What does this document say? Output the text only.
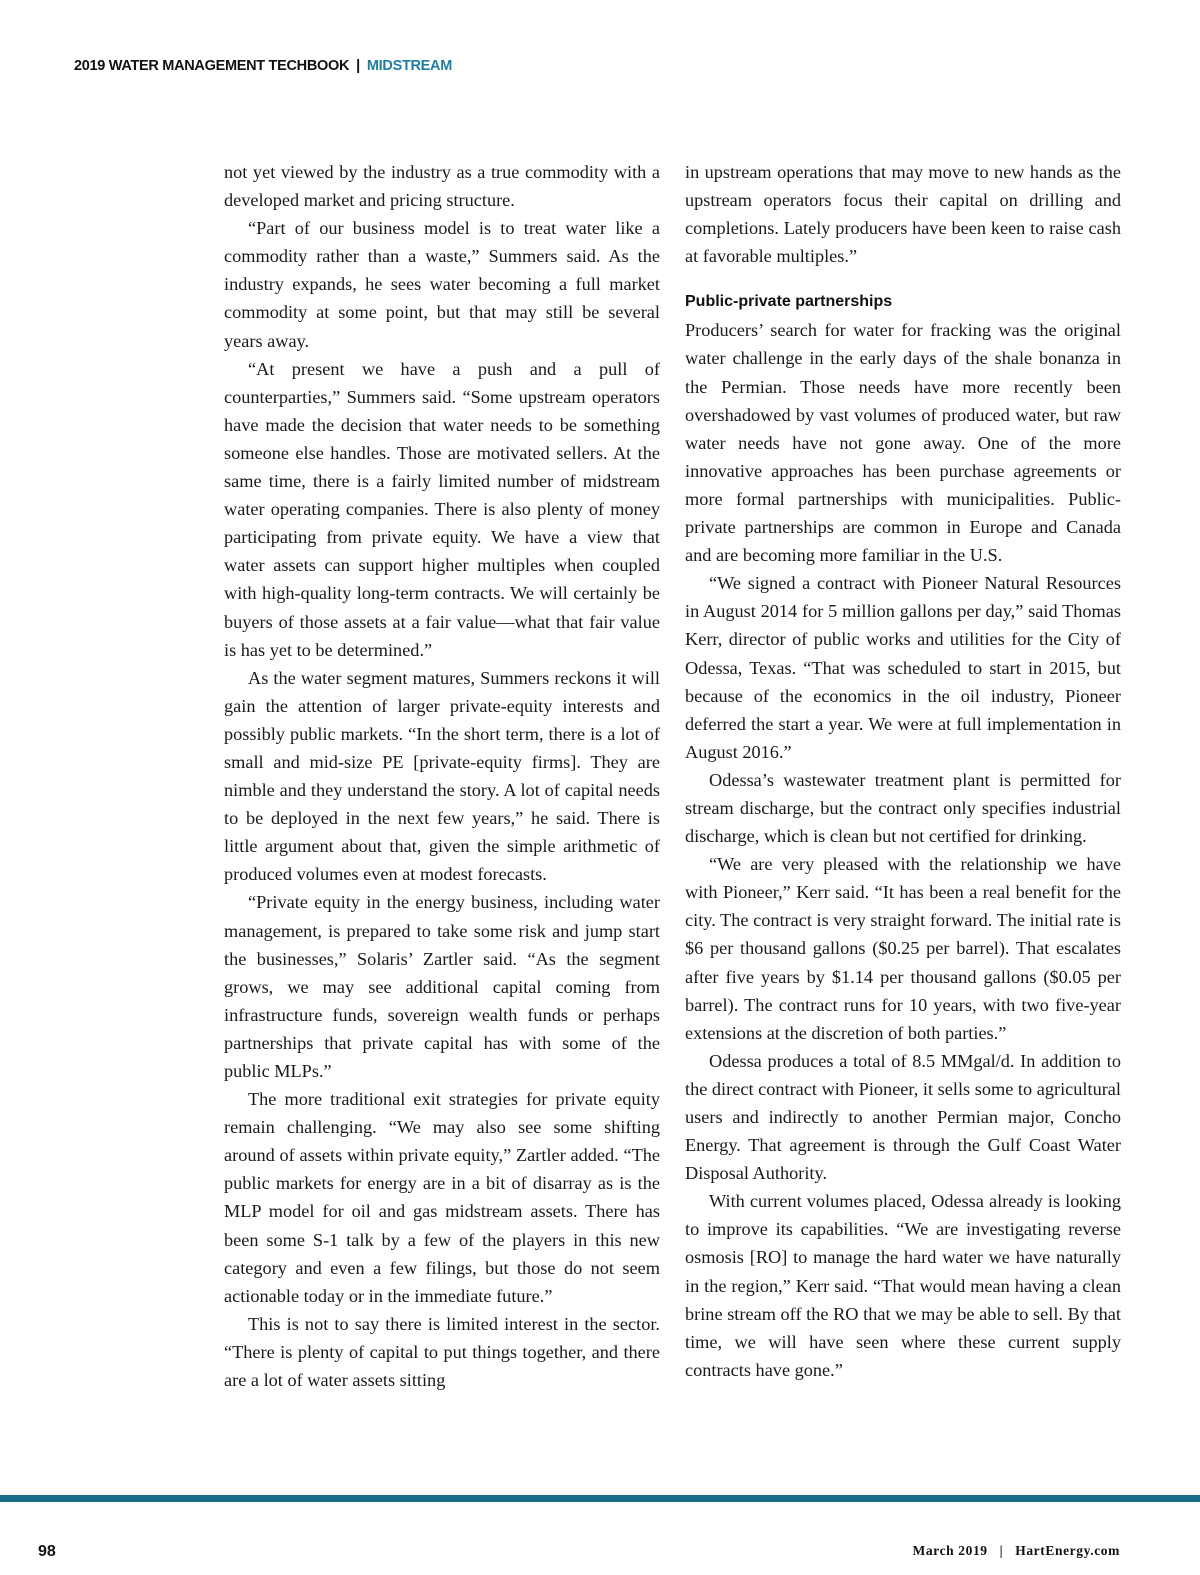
2019 WATER MANAGEMENT TECHBOOK | MIDSTREAM

not yet viewed by the industry as a true commodity with a developed market and pricing structure.

“Part of our business model is to treat water like a commodity rather than a waste,” Summers said. As the industry expands, he sees water becoming a full market commodity at some point, but that may still be several years away.

“At present we have a push and a pull of counterparties,” Summers said. “Some upstream operators have made the decision that water needs to be something someone else handles. Those are motivated sellers. At the same time, there is a fairly limited number of midstream water operating companies. There is also plenty of money participating from private equity. We have a view that water assets can support higher multiples when coupled with high-quality long-term contracts. We will certainly be buyers of those assets at a fair value—what that fair value is has yet to be determined.”

As the water segment matures, Summers reckons it will gain the attention of larger private-equity interests and possibly public markets. “In the short term, there is a lot of small and mid-size PE [private-equity firms]. They are nimble and they understand the story. A lot of capital needs to be deployed in the next few years,” he said. There is little argument about that, given the simple arithmetic of produced volumes even at modest forecasts.

“Private equity in the energy business, including water management, is prepared to take some risk and jump start the businesses,” Solaris’ Zartler said. “As the segment grows, we may see additional capital coming from infrastructure funds, sovereign wealth funds or perhaps partnerships that private capital has with some of the public MLPs.”

The more traditional exit strategies for private equity remain challenging. “We may also see some shifting around of assets within private equity,” Zartler added. “The public markets for energy are in a bit of disarray as is the MLP model for oil and gas midstream assets. There has been some S-1 talk by a few of the players in this new category and even a few filings, but those do not seem actionable today or in the immediate future.”

This is not to say there is limited interest in the sector. “There is plenty of capital to put things together, and there are a lot of water assets sitting

in upstream operations that may move to new hands as the upstream operators focus their capital on drilling and completions. Lately producers have been keen to raise cash at favorable multiples.”

Public-private partnerships

Producers’ search for water for fracking was the original water challenge in the early days of the shale bonanza in the Permian. Those needs have more recently been overshadowed by vast volumes of produced water, but raw water needs have not gone away. One of the more innovative approaches has been purchase agreements or more formal partnerships with municipalities. Public-private partnerships are common in Europe and Canada and are becoming more familiar in the U.S.

“We signed a contract with Pioneer Natural Resources in August 2014 for 5 million gallons per day,” said Thomas Kerr, director of public works and utilities for the City of Odessa, Texas. “That was scheduled to start in 2015, but because of the economics in the oil industry, Pioneer deferred the start a year. We were at full implementation in August 2016.”

Odessa’s wastewater treatment plant is permitted for stream discharge, but the contract only specifies industrial discharge, which is clean but not certified for drinking.

“We are very pleased with the relationship we have with Pioneer,” Kerr said. “It has been a real benefit for the city. The contract is very straight forward. The initial rate is $6 per thousand gallons ($0.25 per barrel). That escalates after five years by $1.14 per thousand gallons ($0.05 per barrel). The contract runs for 10 years, with two five-year extensions at the discretion of both parties.”

Odessa produces a total of 8.5 MMgal/d. In addition to the direct contract with Pioneer, it sells some to agricultural users and indirectly to another Permian major, Concho Energy. That agreement is through the Gulf Coast Water Disposal Authority.

With current volumes placed, Odessa already is looking to improve its capabilities. “We are investigating reverse osmosis [RO] to manage the hard water we have naturally in the region,” Kerr said. “That would mean having a clean brine stream off the RO that we may be able to sell. By that time, we will have seen where these current supply contracts have gone.”

98	March 2019 | HartEnergy.com
